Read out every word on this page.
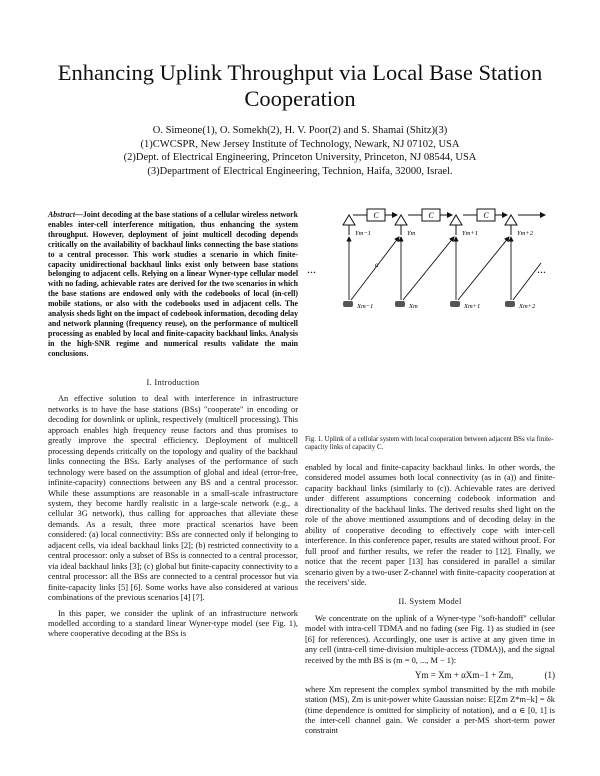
Enhancing Uplink Throughput via Local Base Station Cooperation
O. Simeone(1), O. Somekh(2), H. V. Poor(2) and S. Shamai (Shitz)(3)
(1)CWCSPR, New Jersey Institute of Technology, Newark, NJ 07102, USA
(2)Dept. of Electrical Engineering, Princeton University, Princeton, NJ 08544, USA
(3)Department of Electrical Engineering, Technion, Haifa, 32000, Israel.
Abstract—Joint decoding at the base stations of a cellular wireless network enables inter-cell interference mitigation, thus enhancing the system throughput. However, deployment of joint multicell decoding depends critically on the availability of backhaul links connecting the base stations to a central processor. This work studies a scenario in which finite-capacity unidirectional backhaul links exist only between base stations belonging to adjacent cells. Relying on a linear Wyner-type cellular model with no fading, achievable rates are derived for the two scenarios in which the base stations are endowed only with the codebooks of local (in-cell) mobile stations, or also with the codebooks used in adjacent cells. The analysis sheds light on the impact of codebook information, decoding delay and network planning (frequency reuse), on the performance of multicell processing as enabled by local and finite-capacity backhaul links. Analysis in the high-SNR regime and numerical results validate the main conclusions.
I. Introduction

An effective solution to deal with interference in infrastructure networks is to have the base stations (BSs) "cooperate" in encoding or decoding for downlink or uplink, respectively (multicell processing). This approach enables high frequency reuse factors and thus promises to greatly improve the spectral efficiency. Deployment of multicell processing depends critically on the topology and quality of the backhaul links connecting the BSs. Early analyses of the performance of such technology were based on the assumption of global and ideal (error-free, infinite-capacity) connections between any BS and a central processor. While these assumptions are reasonable in a small-scale infrastructure system, they become hardly realistic in a large-scale network (e.g., a cellular 3G network), thus calling for approaches that alleviate these demands. As a result, three more practical scenarios have been considered: (a) local connectivity: BSs are connected only if belonging to adjacent cells, via ideal backhaul links [2]; (b) restricted connectivity to a central processor: only a subset of BSs is connected to a central processor, via ideal backhaul links [3]; (c) global but finite-capacity connectivity to a central processor: all the BSs are connected to a central processor but via finite-capacity links [5] [6]. Some works have also considered at various combinations of the previous scenarios [4] [7].

In this paper, we consider the uplink of an infrastructure network modelled according to a standard linear Wyner-type model (see Fig. 1), where cooperative decoding at the BSs is

C	C	C
Ym−1	Ym	Ym+1	Ym+2
α
...	...
Xm−1	Xm	Xm+1	Xm+2
Fig. 1. Uplink of a cellular system with local cooperation between adjacent BSs via finite-capacity links of capacity C.

enabled by local and finite-capacity backhaul links. In other words, the considered model assumes both local connectivity (as in (a)) and finite-capacity backhaul links (similarly to (c)). Achievable rates are derived under different assumptions concerning codebook information and directionality of the backhaul links. The derived results shed light on the role of the above mentioned assumptions and of decoding delay in the ability of cooperative decoding to effectively cope with inter-cell interference. In this conference paper, results are stated without proof. For full proof and further results, we refer the reader to [12]. Finally, we notice that the recent paper [13] has considered in parallel a similar scenario given by a two-user Z-channel with finite-capacity cooperation at the receivers' side.

II. System Model

We concentrate on the uplink of a Wyner-type "soft-handoff" cellular model with intra-cell TDMA and no fading (see Fig. 1) as studied in (see [6] for references). Accordingly, one user is active at any given time in any cell (intra-cell time-division multiple-access (TDMA)), and the signal received by the mth BS is (m = 0, ..., M − 1):

Ym = Xm + αXm−1 + Zm,	(1)

where Xm represent the complex symbol transmitted by the mth mobile station (MS), Zm is unit-power white Gaussian noise: E[Zm Z*m−k] = δk (time dependence is omitted for simplicity of notation), and α ∈ [0, 1] is the inter-cell channel gain. We consider a per-MS short-term power constraint
